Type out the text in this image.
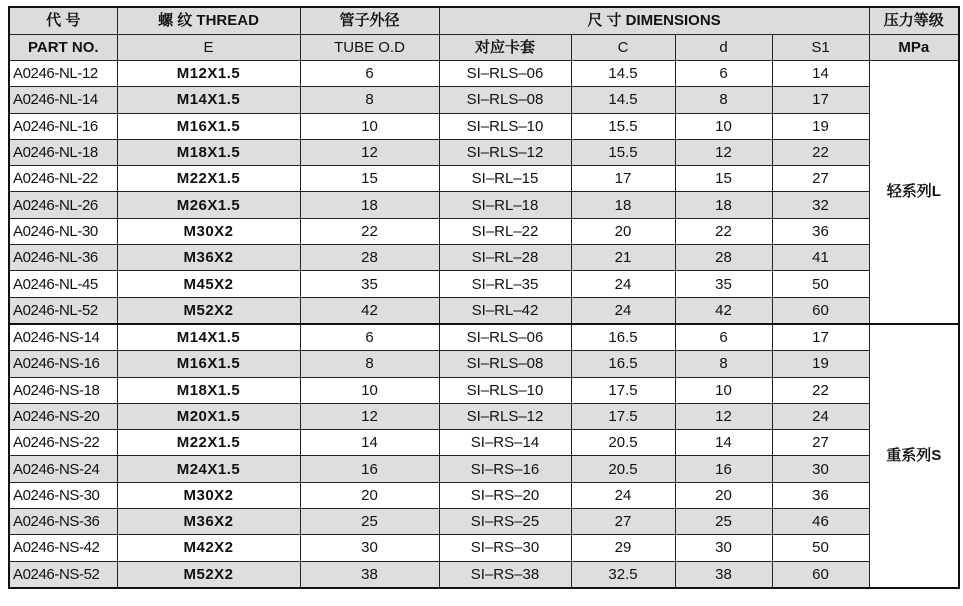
代 号	螺 纹 THREAD	管子外径	尺 寸 DIMENSIONS				压力等级
PART NO.	E	TUBE O.D	对应卡套	C	d	S1	MPa
A0246-NL-12	M12X1.5	6	SI–RLS–06	14.5	6	14	轻系列L
A0246-NL-14	M14X1.5	8	SI–RLS–08	14.5	8	17	
A0246-NL-16	M16X1.5	10	SI–RLS–10	15.5	10	19	
A0246-NL-18	M18X1.5	12	SI–RLS–12	15.5	12	22	
A0246-NL-22	M22X1.5	15	SI–RL–15	17	15	27	
A0246-NL-26	M26X1.5	18	SI–RL–18	18	18	32	
A0246-NL-30	M30X2	22	SI–RL–22	20	22	36	
A0246-NL-36	M36X2	28	SI–RL–28	21	28	41	
A0246-NL-45	M45X2	35	SI–RL–35	24	35	50	
A0246-NL-52	M52X2	42	SI–RL–42	24	42	60	
A0246-NS-14	M14X1.5	6	SI–RLS–06	16.5	6	17	重系列S
A0246-NS-16	M16X1.5	8	SI–RLS–08	16.5	8	19	
A0246-NS-18	M18X1.5	10	SI–RLS–10	17.5	10	22	
A0246-NS-20	M20X1.5	12	SI–RLS–12	17.5	12	24	
A0246-NS-22	M22X1.5	14	SI–RS–14	20.5	14	27	
A0246-NS-24	M24X1.5	16	SI–RS–16	20.5	16	30	
A0246-NS-30	M30X2	20	SI–RS–20	24	20	36	
A0246-NS-36	M36X2	25	SI–RS–25	27	25	46	
A0246-NS-42	M42X2	30	SI–RS–30	29	30	50	
A0246-NS-52	M52X2	38	SI–RS–38	32.5	38	60	
